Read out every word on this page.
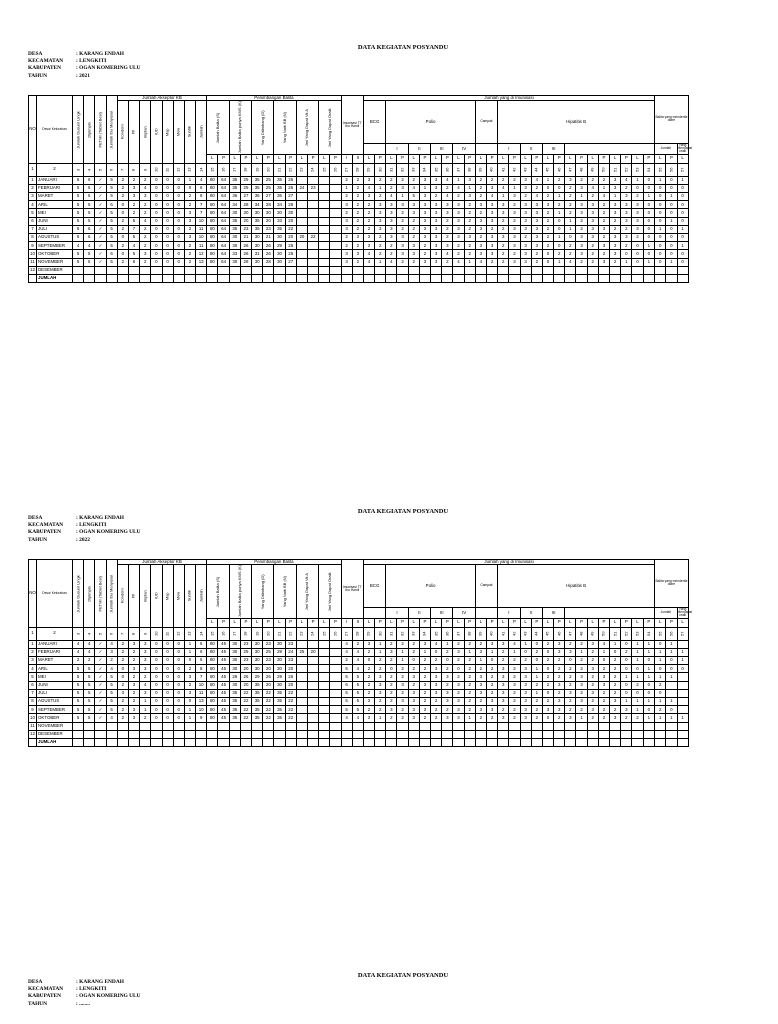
DATA KEGIATAN POSYANDU
DESA	: KARANG ENDAH
KECAMATAN	: LENGKITI
KABUPATEN	: OGAN KOMERING ULU
TAHUN	: 2021
NO	Desa/ Kelurahan	Jumlah Dusun/ Lingk	Dipimpin	PETMI (Tablet Besi)	Jumlah Ibu Menyusui	Jumlah Akseptor KB								Penimbangan Balita												Imunisasi TT Ibu Hamil		Jumlah yang di Imunisasi																										Balita yang menderita diare	
						Kondom	Pil	Implan	IUD	Mop	Mow	Suntik	Jumlah	Jumlah Balita (S)		Jumlah Balita punya KMS (K)		Yang Ditimbang (D)		Yang Naik BB (N)		Jml Yang Dapat Vit A		Jml Yang Dapat Oralit				BCG		Polio								Campak		Hipatitis B																	
																														I		II		III		IV				I		II		III										Jumlah		Yang Mendapat oralit	
														L	P	L	P	L	P	L	P	L	P	L	P	I	II	L	P	L	P	L	P	L	P	L	P	L	P	L	P	L	P	L	P	L	P	L	P	L	P	L	P	L	P	L	
1	2	3	4	5	6	7	8	9	10	11	12	13	14	15	16	17	18	19	20	21	22	23	24	25	26	27	28	29	30	31	32	33	34	35	36	37	38	39	40	41	42	43	44	45	46	47	48	49	50	51	52	53	54	55	56	57	
1	JANUARI	6	6	✓	5	2	2	2	0	0	0	1	4	80	64	35	25	35	25	35	25					2	2	3	2	2	2	2	3	3	4	1	3	2	2	2	2	3	4	1	2	3	2	2	2	3	4	1	0	1	0	1	
2	FEBRUARI	5	5	✓	5	2	3	4	0	0	0	0	6	80	64	35	25	35	25	35	25	24	23			1	2	4	1	2	3	4	1	3	2	4	1	2	3	4	1	3	2	0	0	2	3	4	1	3	2	0	0	0	0	0	
3	MARET	5	5	✓	5	2	3	3	0	0	0	2	8	80	64	36	27	36	27	36	27					2	2	3	2	4	1	5	3	2	4	2	3	2	4	1	3	2	4	2	1	2	1	2	4	1	3	2	1	0	1	0	
4	ARIL	5	5	✓	6	0	2	2	0	0	0	2	7	80	64	34	28	34	28	34	28					3	2	2	3	3	3	3	3	3	3	3	2	3	3	3	2	3	3	3	2	2	3	3	2	3	3	3	0	0	0	0	
5	MEI	5	5	✓	5	0	2	2	0	0	0	3	7	80	64	30	30	30	30	30	30					2	2	2	3	3	2	3	3	3	3	3	2	2	3	3	3	3	3	2	1	2	3	3	2	3	3	3	0	0	0	0	
6	JUNI	5	5	✓	5	2	5	4	0	0	0	3	10	80	64	35	20	35	20	33	20					3	2	2	3	3	2	2	3	3	2	3	2	3	3	2	2	3	3	2	0	1	2	3	2	2	3	3	0	0	1	0	
7	JULI	6	6	✓	5	2	7	2	0	0	0	2	11	80	64	35	23	35	23	35	22					3	2	2	3	3	2	2	3	3	2	3	2	3	2	2	3	3	3	2	0	1	2	3	3	2	2	3	0	1	0	1	
8	AGUSTUS	6	6	✓	5	0	5	2	0	0	0	3	10	80	64	30	21	30	21	30	20	20	22			2	3	3	2	3	3	2	3	3	2	3	3	2	3	3	3	2	3	2	1	0	3	3	2	3	3	2	0	0	0	0	
9	SEPTEMBER	4	4	✓	5	2	4	2	0	0	0	2	11	80	64	30	26	30	26	29	25					2	2	3	2	2	3	3	2	3	3	2	2	3	3	2	3	3	3	2	0	2	3	2	3	3	2	0	1	0	0	1	
10	OKTOBER	5	5	✓	6	0	5	3	0	0	0	2	12	80	64	33	26	31	26	30	25					3	3	4	2	2	3	3	2	3	4	2	2	3	3	2	2	3	2	0	2	2	3	2	2	3	0	0	0	0	0	0	
11	NOVEMBER	5	5	✓	5	2	6	2	0	0	0	2	13	80	64	30	28	30	28	30	27					3	2	4	1	4	2	2	3	3	2	4	1	4	2	2	3	3	2	0	1	4	2	2	3	2	1	0	1	0	1	0	
12	DESEMBER																																																								
	JUMLAH																																																								
DATA KEGIATAN POSYANDU
DESA	: KARANG ENDAH
KECAMATAN	: LENGKITI
KABUPATEN	: OGAN KOMERING ULU
TAHUN	: 2022
NO	Desa/ Kelurahan	Jumlah Dusun/ Lingk	Dipimpin	PETMI (Tablet Besi)	Jumlah Ibu Menyusui	Jumlah Akseptor KB								Penimbangan Balita												Imunisasi TT Ibu Hamil		Jumlah yang di Imunisasi																										Balita yang menderita diare	
						Kondom	Pil	Implan	IUD	Mop	Mow	Suntik	Jumlah	Jumlah Balita (S)		Jumlah Balita punya KMS (K)		Yang Ditimbang (D)		Yang Naik BB (N)		Jml Yang Dapat Vit A		Jml Yang Dapat Oralit				BCG		Polio								Campak		Hipatitis B																	
																														I		II		III		IV				I		II		III										Jumlah		Yang Mendapat oralit	
														L	P	L	P	L	P	L	P	L	P	L	P	I	II	L	P	L	P	L	P	L	P	L	P	L	P	L	P	L	P	L	P	L	P	L	P	L	P	L	P	L	P	L	
1	2	3	4	5	6	7	8	9	10	11	12	13	14	15	16	17	18	19	20	21	22	23	24	25	26	27	28	29	30	31	32	33	34	35	36	37	38	39	40	41	42	43	44	45	46	47	48	49	50	51	52	53	54	55	56	57	
1	JANUARI	4	4	✓	4	2	3	3	0	0	0	1	5	80	45	30	23	30	23	30	23					4	2	3	1	2	2	2	3	4	1	2	2	2	3	3	4	1	0	2	3	2	2	3	4	1	0	1	1	0	1		
2	FEBRUARI	4	4	✓	3	2	2	3	0	0	0	1	6	80	45	30	25	30	25	29	24	25	20			4	4	2	1	3	1	2	1	0	2	3	1	3	1	2	1	0	2	0	3	3	1	2	1	0	2	1	1	1	1	1	
3	MARET	2	2	✓	2	2	2	3	0	0	0	0	5	80	45	30	23	30	23	30	23					2	4	0	2	2	1	0	2	2	0	2	2	1	0	2	2	2	0	2	2	0	2	2	0	2	0	1	0	1	0	1	
4	ARIL	5	5	✓	4	0	3	3	0	0	0	2	8	80	45	30	20	30	20	30	20					5	4	2	2	0	2	2	2	3	2	0	2	2	2	3	2	3	1	0	2	2	2	3	2	2	0	0	1	0	0	0	
5	MEI	5	5	✓	5	0	2	2	0	0	0	3	7	80	45	29	26	29	26	29	26					5	5	2	3	2	2	3	2	3	3	2	2	3	2	3	2	3	1	2	2	2	3	2	3	2	1	1	1	1	1		
6	JUNI	5	5	✓	5	2	3	4	0	0	0	2	10	80	45	30	20	35	20	30	20					6	5	2	3	2	3	2	3	3	2	3	2	3	2	3	3	3	2	2	3	2	3	2	3	2	0	2	0	2			
7	JULI	5	5	✓	5	3	2	3	0	0	0	3	11	80	45	35	22	35	22	35	22					5	5	2	3	2	2	3	2	3	3	2	2	3	2	3	2	3	1	0	2	3	2	3	2	2	0	0	0	0			
8	AGUSTUS	5	5	✓	5	2	2	1	0	0	0	0	13	80	45	35	22	35	22	35	22					5	5	3	2	2	3	3	2	2	3	3	2	2	3	3	2	3	2	2	3	2	3	2	2	3	1	1	1	1	1		
9	SEPTEMBER	5	5	✓	5	2	3	1	0	0	0	1	10	80	45	35	22	35	22	35	22					5	5	2	2	3	2	3	3	2	2	3	2	3	3	2	2	3	2	3	3	2	2	3	2	2	3	1	0	2	0		
10	OKTOBER	5	5	✓	4	2	3	2	0	0	0	1	9	80	45	35	22	35	22	35	22					4	4	3	1	2	2	3	2	2	3	3	1	2	2	3	2	3	2	0	2	3	1	2	2	3	2	2	1	1	1	1	
11	NOVEMBER																																																								
12	DESEMBER																																																								
	JUMLAH																																																								
DATA KEGIATAN POSYANDU
DESA	: KARANG ENDAH
KECAMATAN	: LENGKITI
KABUPATEN	: OGAN KOMERING ULU
TAHUN	: ........
